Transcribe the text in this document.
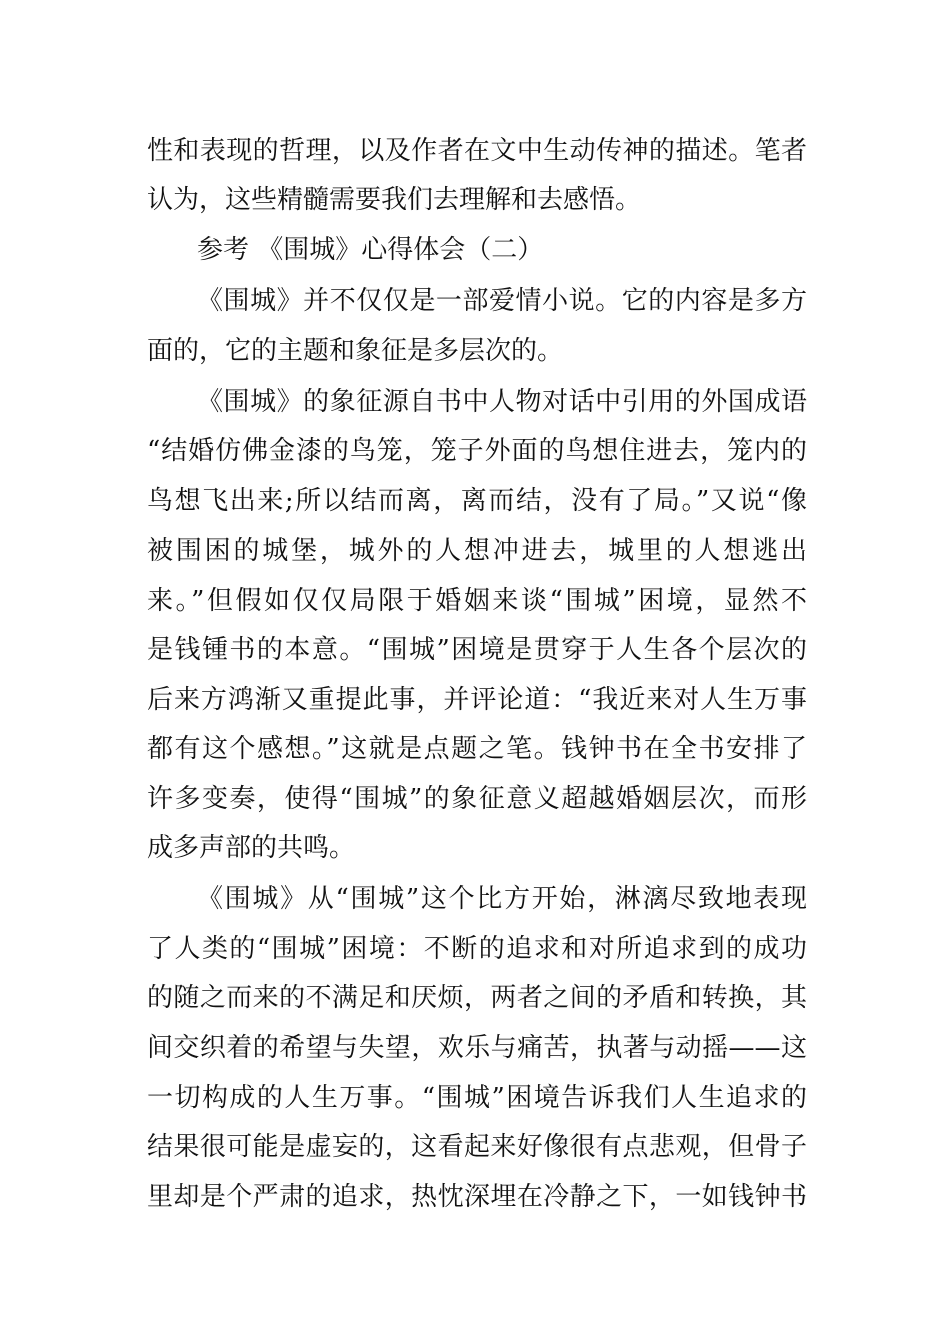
性和表现的哲理，以及作者在文中生动传神的描述。笔者
认为，这些精髓需要我们去理解和去感悟。
参考 《围城》心得体会（二）
《围城》并不仅仅是一部爱情小说。它的内容是多方
面的，它的主题和象征是多层次的。
《围城》的象征源自书中人物对话中引用的外国成语
“结婚仿佛金漆的鸟笼，笼子外面的鸟想住进去，笼内的
鸟想飞出来;所以结而离，离而结，没有了局。”又说“像
被围困的城堡，城外的人想冲进去，城里的人想逃出
来。”但假如仅仅局限于婚姻来谈“围城”困境，显然不
是钱锺书的本意。“围城”困境是贯穿于人生各个层次的
后来方鸿渐又重提此事，并评论道：“我近来对人生万事
都有这个感想。”这就是点题之笔。钱钟书在全书安排了
许多变奏，使得“围城”的象征意义超越婚姻层次，而形
成多声部的共鸣。
《围城》从“围城”这个比方开始，淋漓尽致地表现
了人类的“围城”困境：不断的追求和对所追求到的成功
的随之而来的不满足和厌烦，两者之间的矛盾和转换，其
间交织着的希望与失望，欢乐与痛苦，执著与动摇——这
一切构成的人生万事。“围城”困境告诉我们人生追求的
结果很可能是虚妄的，这看起来好像很有点悲观，但骨子
里却是个严肃的追求，热忱深埋在冷静之下，一如钱钟书
